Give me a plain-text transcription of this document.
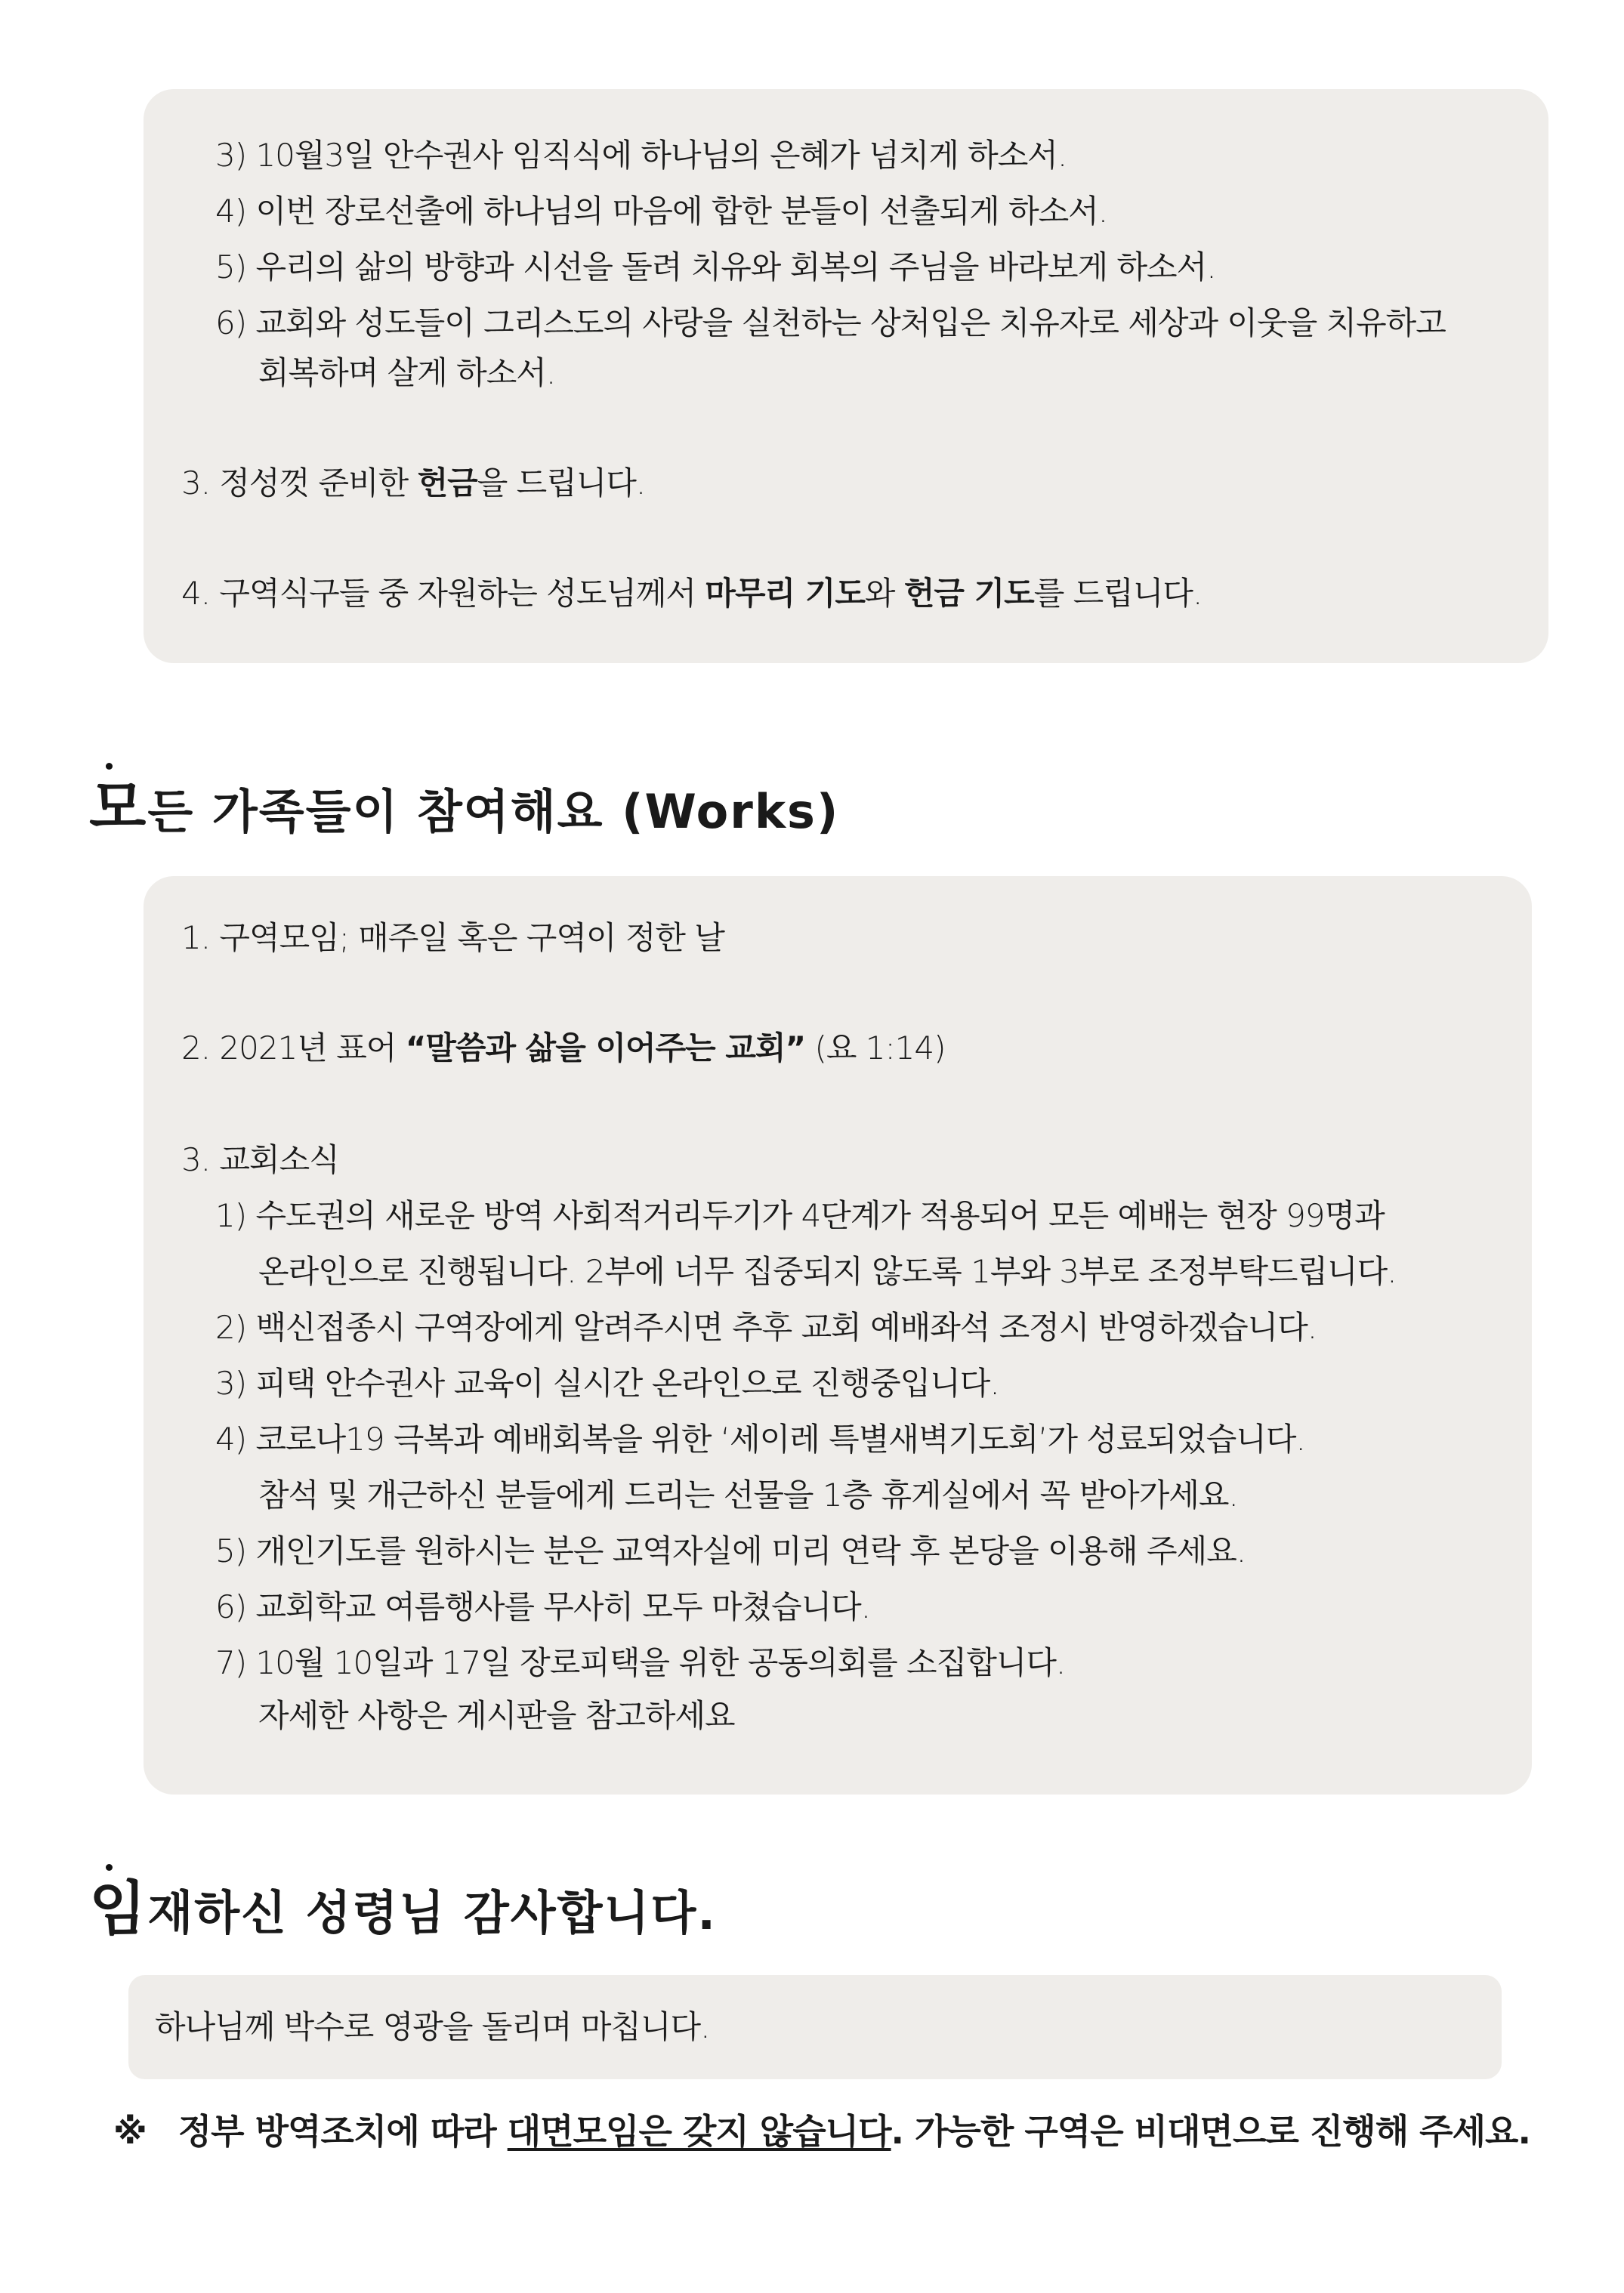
3) 10월3일 안수권사 임직식에 하나님의 은혜가 넘치게 하소서.
4) 이번 장로선출에 하나님의 마음에 합한 분들이 선출되게 하소서.
5) 우리의 삶의 방향과 시선을 돌려 치유와 회복의 주님을 바라보게 하소서.
6) 교회와 성도들이 그리스도의 사랑을 실천하는 상처입은 치유자로 세상과 이웃을 치유하고
회복하며 살게 하소서.
3. 정성껏 준비한 헌금을 드립니다.
4. 구역식구들 중 자원하는 성도님께서 마무리 기도와 헌금 기도를 드립니다.
모든 가족들이 참여해요 (Works)
1. 구역모임; 매주일 혹은 구역이 정한 날
2. 2021년 표어 “말씀과 삶을 이어주는 교회” (요 1:14)
3. 교회소식
1) 수도권의 새로운 방역 사회적거리두기가 4단계가 적용되어 모든 예배는 현장 99명과
온라인으로 진행됩니다. 2부에 너무 집중되지 않도록 1부와 3부로 조정부탁드립니다.
2) 백신접종시 구역장에게 알려주시면 추후 교회 예배좌석 조정시 반영하겠습니다.
3) 피택 안수권사 교육이 실시간 온라인으로 진행중입니다.
4) 코로나19 극복과 예배회복을 위한 ‘세이레 특별새벽기도회’가 성료되었습니다.
참석 및 개근하신 분들에게 드리는 선물을 1층 휴게실에서 꼭 받아가세요.
5) 개인기도를 원하시는 분은 교역자실에 미리 연락 후 본당을 이용해 주세요.
6) 교회학교 여름행사를 무사히 모두 마쳤습니다.
7) 10월 10일과 17일 장로피택을 위한 공동의회를 소집합니다.
자세한 사항은 게시판을 참고하세요
임재하신 성령님 감사합니다.
하나님께 박수로 영광을 돌리며 마칩니다.
※ 정부 방역조치에 따라 대면모임은 갖지 않습니다. 가능한 구역은 비대면으로 진행해 주세요.
